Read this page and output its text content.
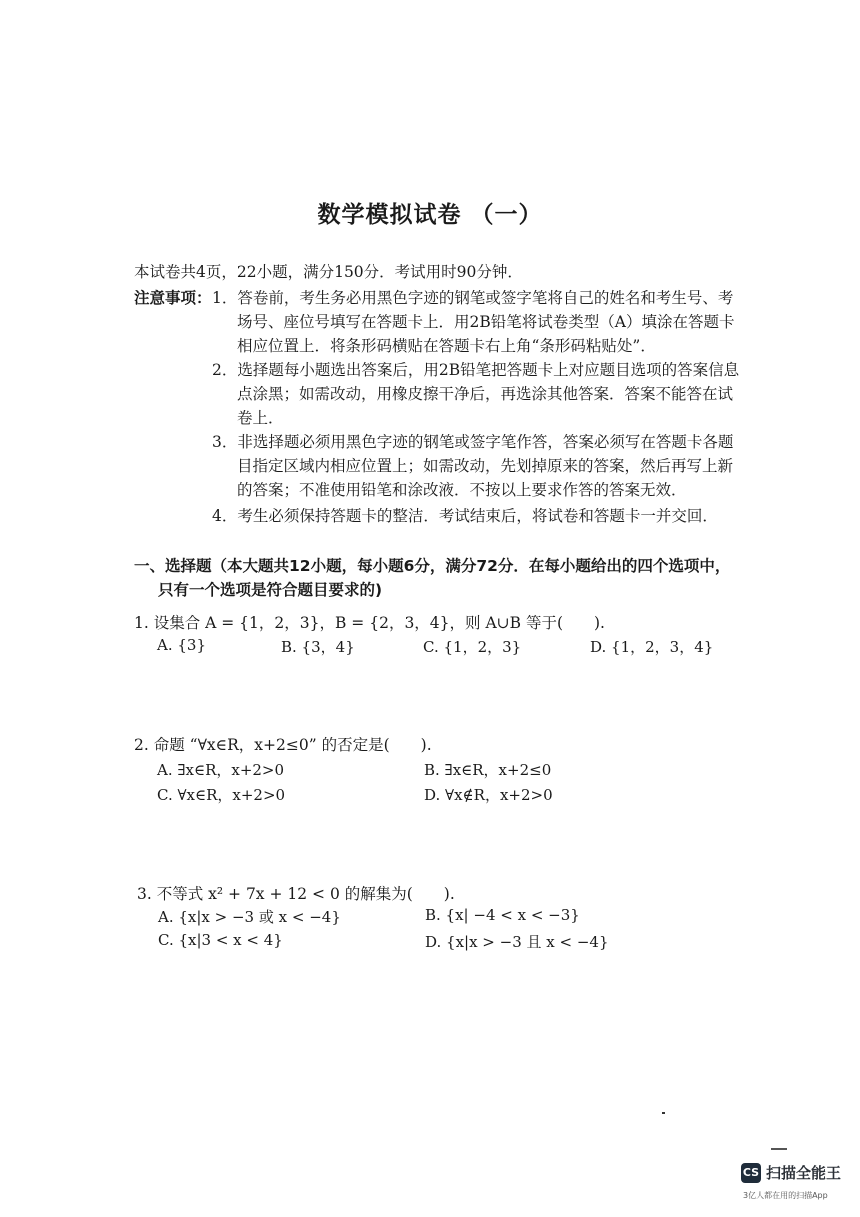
数学模拟试卷 （一）
本试卷共4页，22小题，满分150分．考试用时90分钟．
注意事项： 1．答卷前，考生务必用黑色字迹的钢笔或签字笔将自己的姓名和考生号、考
场号、座位号填写在答题卡上．用2B铅笔将试卷类型（A）填涂在答题卡
相应位置上．将条形码横贴在答题卡右上角“条形码粘贴处”．
2．选择题每小题选出答案后，用2B铅笔把答题卡上对应题目选项的答案信息
点涂黑；如需改动，用橡皮擦干净后，再选涂其他答案．答案不能答在试
卷上．
3．非选择题必须用黑色字迹的钢笔或签字笔作答，答案必须写在答题卡各题
目指定区域内相应位置上；如需改动，先划掉原来的答案，然后再写上新
的答案；不准使用铅笔和涂改液．不按以上要求作答的答案无效．
4．考生必须保持答题卡的整洁．考试结束后，将试卷和答题卡一并交回．
一、选择题（本大题共12小题，每小题6分，满分72分．在每小题给出的四个选项中，
只有一个选项是符合题目要求的)
1. 设集合 A = {1，2，3}，B = {2，3，4}，则 A∪B 等于(　　).
A. {3}	B. {3，4}	C. {1，2，3}	D. {1，2，3，4}
2. 命题 “∀x∈R，x+2≤0” 的否定是(　　).
A. ∃x∈R，x+2>0	B. ∃x∈R，x+2≤0
C. ∀x∈R，x+2>0	D. ∀x∉R，x+2>0
3. 不等式 x² + 7x + 12 < 0 的解集为(　　).
A. {x|x > −3 或 x < −4}	B. {x| −4 < x < −3}
C. {x|3 < x < 4}	D. {x|x > −3 且 x < −4}
CS 扫描全能王
3亿人都在用的扫描App
